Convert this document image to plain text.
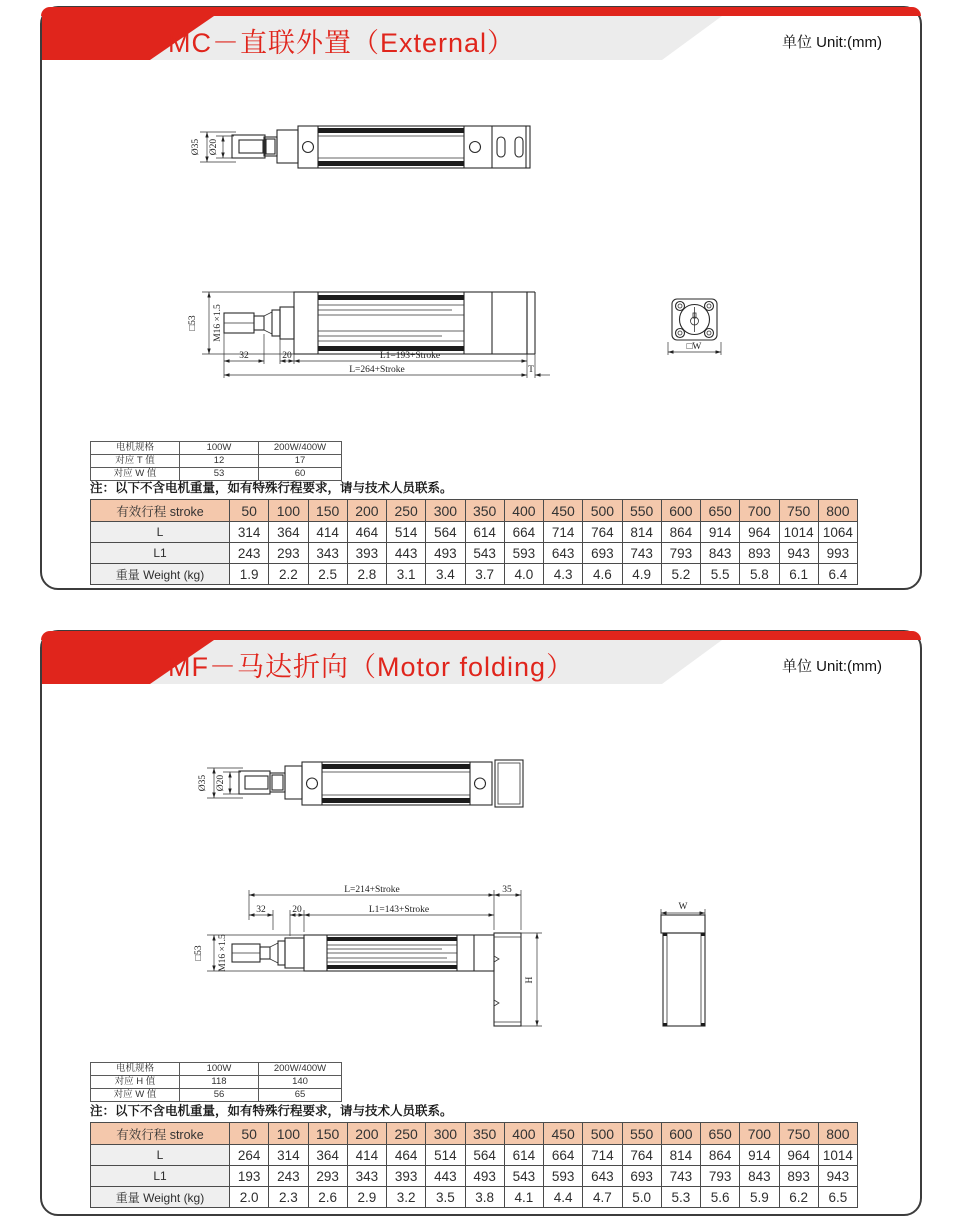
MC－直联外置（External）	单位 Unit:(mm)
Ø35 Ø20
□53 M16 ×1.5
32	20	L1=193+Stroke
L=264+Stroke	T
□W
电机规格	100W	200W/400W
对应 T 值	12	17
对应 W 值	53	60
注：以下不含电机重量，如有特殊行程要求，请与技术人员联系。
有效行程 stroke	50	100	150	200	250	300	350	400	450	500	550	600	650	700	750	800
L	314	364	414	464	514	564	614	664	714	764	814	864	914	964	1014	1064
L1	243	293	343	393	443	493	543	593	643	693	743	793	843	893	943	993
重量 Weight (kg)	1.9	2.2	2.5	2.8	3.1	3.4	3.7	4.0	4.3	4.6	4.9	5.2	5.5	5.8	6.1	6.4
MF－马达折向（Motor folding）	单位 Unit:(mm)
Ø35 Ø20
L=214+Stroke	35
32	20	L1=143+Stroke
□53 M16 ×1.5
H
W
电机规格	100W	200W/400W
对应 H 值	118	140
对应 W 值	56	65
注：以下不含电机重量，如有特殊行程要求，请与技术人员联系。
有效行程 stroke	50	100	150	200	250	300	350	400	450	500	550	600	650	700	750	800
L	264	314	364	414	464	514	564	614	664	714	764	814	864	914	964	1014
L1	193	243	293	343	393	443	493	543	593	643	693	743	793	843	893	943
重量 Weight (kg)	2.0	2.3	2.6	2.9	3.2	3.5	3.8	4.1	4.4	4.7	5.0	5.3	5.6	5.9	6.2	6.5
